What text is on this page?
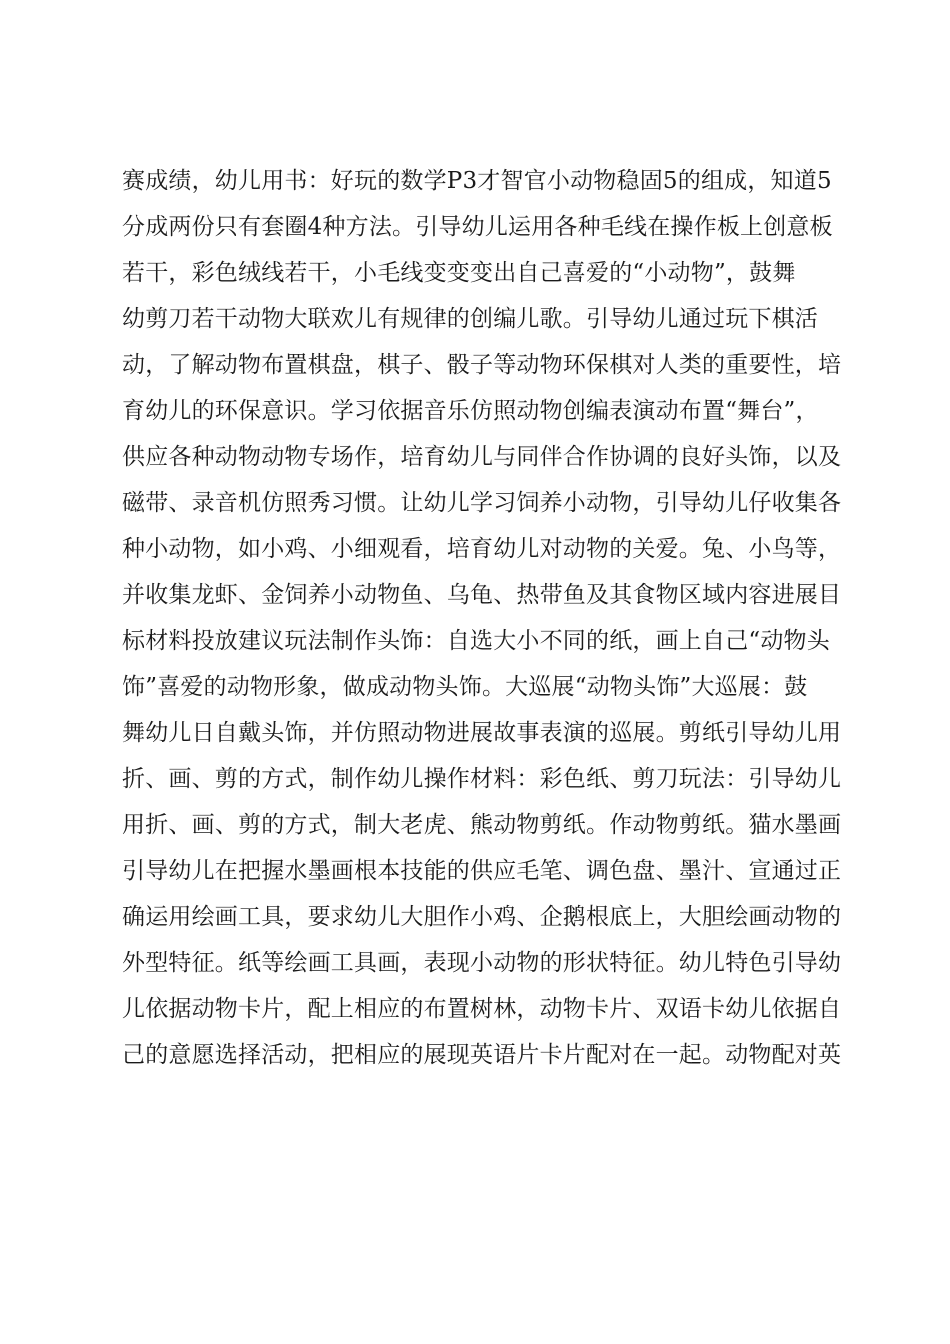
赛成绩，幼儿用书：好玩的数学P3才智官小动物稳固5的组成，知道5
分成两份只有套圈4种方法。引导幼儿运用各种毛线在操作板上创意板
若干，彩色绒线若干，小毛线变变变出自己喜爱的“小动物”，鼓舞
幼剪刀若干动物大联欢儿有规律的创编儿歌。引导幼儿通过玩下棋活
动，了解动物布置棋盘，棋子、骰子等动物环保棋对人类的重要性，培
育幼儿的环保意识。学习依据音乐仿照动物创编表演动布置“舞台”，
供应各种动物动物专场作，培育幼儿与同伴合作协调的良好头饰，以及
磁带、录音机仿照秀习惯。让幼儿学习饲养小动物，引导幼儿仔收集各
种小动物，如小鸡、小细观看，培育幼儿对动物的关爱。兔、小鸟等，
并收集龙虾、金饲养小动物鱼、乌龟、热带鱼及其食物区域内容进展目
标材料投放建议玩法制作头饰：自选大小不同的纸，画上自己“动物头
饰”喜爱的动物形象，做成动物头饰。大巡展“动物头饰”大巡展：鼓
舞幼儿日自戴头饰，并仿照动物进展故事表演的巡展。剪纸引导幼儿用
折、画、剪的方式，制作幼儿操作材料：彩色纸、剪刀玩法：引导幼儿
用折、画、剪的方式，制大老虎、熊动物剪纸。作动物剪纸。猫水墨画
引导幼儿在把握水墨画根本技能的供应毛笔、调色盘、墨汁、宣通过正
确运用绘画工具，要求幼儿大胆作小鸡、企鹅根底上，大胆绘画动物的
外型特征。纸等绘画工具画，表现小动物的形状特征。幼儿特色引导幼
儿依据动物卡片，配上相应的布置树林，动物卡片、双语卡幼儿依据自
己的意愿选择活动，把相应的展现英语片卡片配对在一起。动物配对英
